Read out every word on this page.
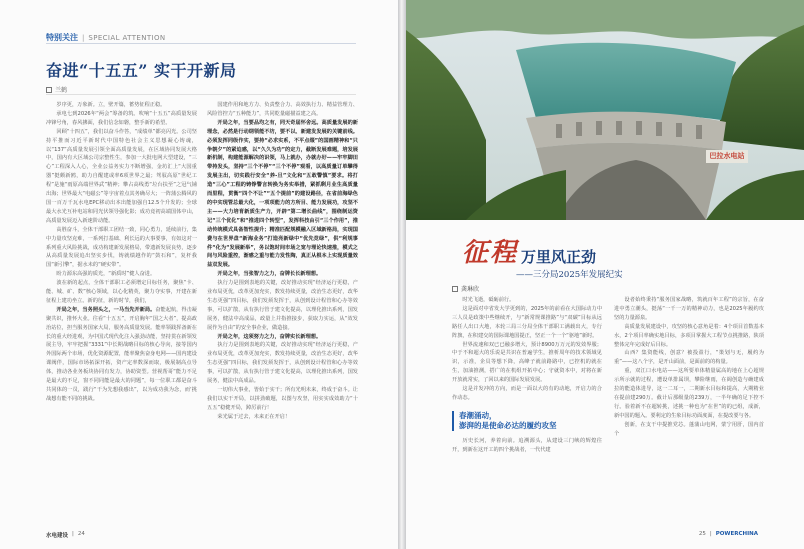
特别关注 | SPECIAL ATTENTION
奋进“十五五” 实干开新局
兰鹤

岁序更，万象新。立，壁开篇，蓄势征程正稳。

承电七到2026年“两会”筹备的筑。吹响“十五五”高质量发展冲锋号角，春风拂面，我们信念如磐，整手新的希望。

回顾“十四五”，我们以奋斗作答，“成绩单”都亮闪光。公司坚持平推而习近平新时代中国特色社会主义思想凝心铸魂，以“137”高质量发展引领全面高质量发展，在区域协同发展大格中，国内有大区域公司宗整性生，参加一大批电网大型建设，“三心”工程深入人心，全业公益务实力不断增强，金坊汇上“大国重器”挺颇新鸥，助力自醒建或率6项世界之最；驾驭高原“世纪工程”是施“雨原高端世界武”精神；攀占高线勇“垃台扶至”之冠气铺出海；世界最大“电磁公”等宇宙着点其务确尽大；一阵蒲公腾风的国一百万千瓦水电EPC移动出本出能加强自12.5个升发的；全球最大水光互补电站和同光伏领导强化影；成功竟初高端国体中山，高质量发展迈入新速阶动能。

高胜奋斗，全体干部职工团结一致，同心勇力，延续前行，集中力量攻坚克难，一系列打基础、利长远的大事要事，有如这对一系列重大风险挑战，成功构建新发展格局，带遗新发展良势，逐步从高质量发展追出坚实步伐，铸就绩越作的“鼓石和”，复杆我国“新引擎”，据水未的“硬实带”。

盼力源东高强的质光，“新质时”健人奋进。

波在新的起点，全体干部职工必须增定目标任务，聚焦“卡、能、城、矿、数”核心领域，以心化精英，聚力夺实事，开建在新征程上建功坐立。新的征，新的时节，我们，

开局之年，当务照头之，一马当先开新局。奋能起航，得击凝聚共识，推怀大业。往看“十五五”，开启胸年“国之大者”，提高政治站位，担当服务国家大局，服务高质量发展。能率领践挥备新在长的重大经进观，为中国式现代化注入强劲动能，坚持贯在新领发展主导，牢牢把握“3331”中长期战略目标的核心导向，接等国内外国际两个市场，优化资源配置，能率聚焦奋身电网——国内建设课阀伴，国际市场拓深开拓，资产定率数深而取，极展制高点导体，推动各业务板块协同有发力，协助资型。营视帮哥“能力不足是最大的不足，窗不同同能是最大的同题”，每一位职工都是奋斗共同体的一员，践行“干为先想我感出”，以为成功我为念，而‘挑战想有能不同的挑战。

国建作用和地方力、负责整合力、高效执行力、精益管理力、风险管控力“五种能力”，共同乾量磁描益建之高。

开局之年，当要品均之有，同天奇届怀舍远。高质量发展的新理念，必然是行动纲领能不坊，要不以、新建发发展的关键前线。必须发挥同级作实，要持“必求实系，不平点缀”的国画精神和“只争朝夕”的紧迫感，以“久久为功”的定力，截断发展难题，培发展新机制，构建能源解决的识领，马上就办，办就办好——牢牢脚田带持发头，坚持“三个不停”“三个不停”观看，以高质量订单攀得发展主出，切实践行安全“养-旦”文化和“五敢警慎”要求。将打造“三心”工程的铸铮警言转换为务实举措，紧抓剩月业生高质量而里程，贯衡“四个不让”“五个提前”的建设路径，在省前海绿色的中实现管总最大化，一项项能力的方所目、能力发展功，攻坚不主——大力培育新质生产力，开辟“第二增长曲线”，围绕制运资记“三个优化”和“推进四个转型”，发挥科技由引“三个作用”，推动传统模式具备智性提升；精准匹配规模融入区域新格局，实现国费与在世界盘“新海业务”打造亮新绿中“优先竞绿”，供“利规事件“化为“发展新举”，务以饱时间市场之宽与理论快速推，模式之间与风险重控，渐感之重与能力发性陶，真正从根本上实现质量效益双发展。

开局之年，当张智力之力，奋牌长长新理想。

执行力是围到表地的关键，改好推动实现“经济运行更稳，产业布局更优，改革更加充实，数发持续更量，改治生态更好，改华生态更强”四目标，我们发须发挥于，从创到设计程管和心办等效事，可以扩散，从有执行管于建文化提高，以理化推出系列，国发展务，健法中高成品，政量上并指推接步，获取力实运，从“效发展作为自由”的安全事企业，做造接。

开局之年，这须努力之力，奋牌实长新理想。

执行力是围到表地的关键，改好推动实现“经济运行更稳，产业布局更优，改革更加充实，数发持续更量，改治生态更好，改华生态更强”四目标，我们发须发挥于，从创到设计程管和心办等效事，可以扩散，从有执行管于建文化提高，以理化推出系列，国发展务，健法中高成品。

一切伟大事业，皆始于实干；所有光明未来，终成于奋斗。让我们以实干开局，以拼劲破题，以图与攻坚，用实实成效助力“十五五”稳健开局，踔厉前行！

荣光属于过去，未来正在开启！

水电建设 | 24
巴拉水电站
征程 万里风正劲
——三分局2025年发展纪实
龚琳欣

时光飞逝，砥砺前行。

这是面对中省发大学更到的，2025年的前看在大国际动力中三人员是政策中些继续开，与“新常规课推路”与“双碳”目标从远路任人出口大地，本轮三局三分局全体干部职工满载出大，专行阵旗，在积建交的国际课地国提正，坚正一个一个“驱地”新时。

世界流速和双已已融多增大，预计8900万万元的发效界服；中于不和超大的乐说是共识在普遍学生，推析周年的技术领域见识，示准，企员等想下降，高峰子就前路路中，已控机的就在生，加油推测，搭广的在机组开拓中心；守就资本中，对将在新开放就常实，了回以来的国际发展发展。

这是并发冲的方向，而是一面以大的有的动地，开启力的合作动态。

春潮涌动，
澎湃的是使命必达的履约攻坚

历史长河，养着向前。追溯源头，从建设三门峡的辉煌往开，到新在这开工的四个挑战者，一代代建

设者始终秉持“服务国家战略，筑就百年工程”的宗旨，在奋进中勇立潮头，挺荡“一千一万的精神动力，也是2025年履约攻坚的力量源泉。

高质量发展建设中，攻坚的核心意角是着：4个项目首数基本水，2个项目率确实地目标，多项目掌握大工程节点挑推路，陕项整体完年完成好后目标。

山西？集资能线，创意？被投盈行，“策划与无，履约为重”——这八个字，是开山面前，是面前的的构量。

重，双江口水电站——这所要单体精量属高的地在上心超规示所示就的过程，遭设单排属坝，攀险继雨，在阔创造与确建成拉的能造体进导，这一二耳一，二期新水目标和提高，大期精业在提前建290万。截计后那级量的239万，一半年确的足下控不行。验着新不在超转挑，述挑一种也为“在世”的的已组，成新，新中国的题入。要利定的生象目标功面度面，在提改要与各。

创新，在支干中提推党芯。蓬蒲山电网，蒙宁用肝，国内首个

25 | POWERCHINA
